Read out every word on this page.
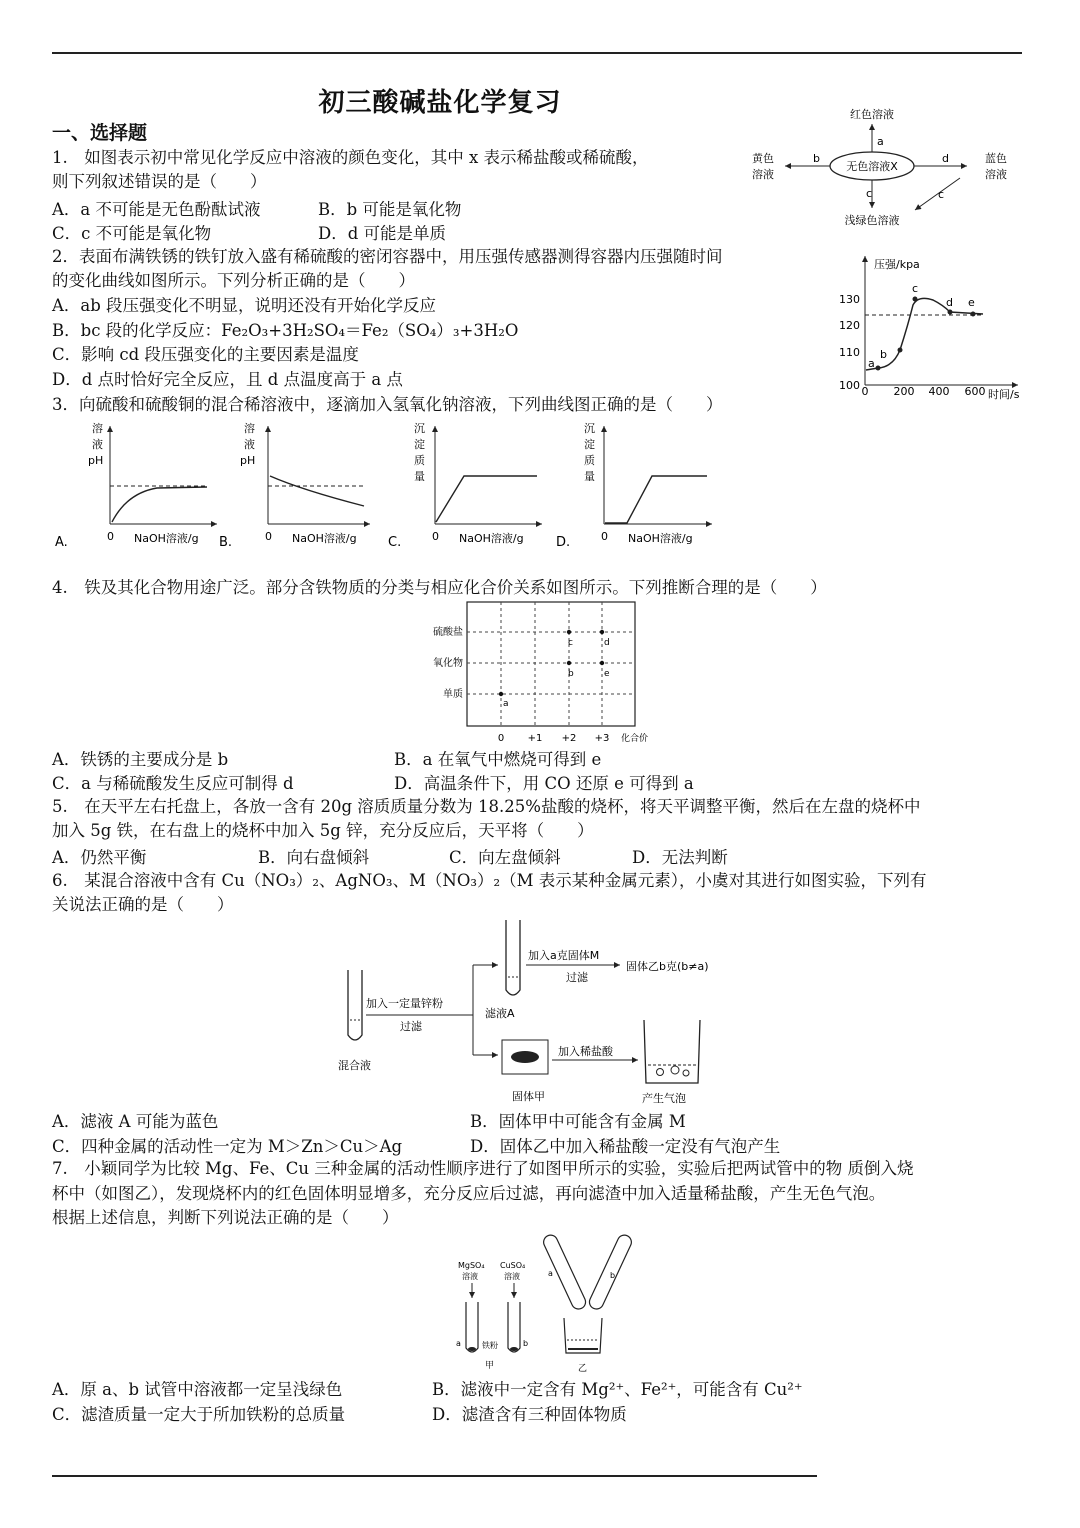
初三酸碱盐化学复习
一、选择题
1.　如图表示初中常见化学反应中溶液的颜色变化，其中 x 表示稀盐酸或稀硫酸，
则下列叙述错误的是（　　）
A．a 不可能是无色酚酞试液	B．b 可能是氧化物
C．c 不可能是氧化物	D．d 可能是单质
无色溶液X
红色溶液
a
黄色
溶液
b	蓝色
溶液
d
浅绿色溶液
c	c
2．表面布满铁锈的铁钉放入盛有稀硫酸的密闭容器中，用压强传感器测得容器内压强随时间
的变化曲线如图所示。下列分析正确的是（　　）
A．ab 段压强变化不明显，说明还没有开始化学反应
B．bc 段的化学反应：Fe₂O₃+3H₂SO₄＝Fe₂（SO₄）₃+3H₂O
C．影响 cd 段压强变化的主要因素是温度
D．d 点时恰好完全反应，且 d 点温度高于 a 点
压强/kpa
时间/s
130
120
110
100 0 200 400 600
a
b
c
d e
3．向硫酸和硫酸铜的混合稀溶液中，逐滴加入氢氧化钠溶液，下列曲线图正确的是（　　）
溶
液
pH
0 NaOH溶液/g
A.	B.
溶
液
pH
0 NaOH溶液/g C.
沉
淀
质
量
0 NaOH溶液/g D.
沉
淀
质
量
0 NaOH溶液/g
4.　铁及其化合物用途广泛。部分含铁物质的分类与相应化合价关系如图所示。下列推断合理的是（　　）
硫酸盐
氧化物
单质
0 +1 +2 +3 化合价
a
c	d
b	e
A．铁锈的主要成分是 b	B．a 在氧气中燃烧可得到 e
C．a 与稀硫酸发生反应可制得 d	D．高温条件下，用 CO 还原 e 可得到 a
5.　在天平左右托盘上，各放一含有 20g 溶质质量分数为 18.25%盐酸的烧杯，将天平调整平衡，然后在左盘的烧杯中
加入 5g 铁，在右盘上的烧杯中加入 5g 锌，充分反应后，天平将（　　）
A．仍然平衡	B．向右盘倾斜	C．向左盘倾斜	D．无法判断
6.　某混合溶液中含有 Cu（NO₃）₂、AgNO₃、M（NO₃）₂（M 表示某种金属元素），小虞对其进行如图实验，下列有
关说法正确的是（　　）
混合液
加入一定量锌粉
过滤
滤液A
加入a克固体M
过滤
固体乙b克(b≠a)
固体甲
加入稀盐酸
产生气泡
A．滤液 A 可能为蓝色	B．固体甲中可能含有金属 M
C．四种金属的活动性一定为 M＞Zn＞Cu＞Ag	D．固体乙中加入稀盐酸一定没有气泡产生
7.　小颖同学为比较 Mg、Fe、Cu 三种金属的活动性顺序进行了如图甲所示的实验，实验后把两试管中的物 质倒入烧
杯中（如图乙），发现烧杯内的红色固体明显增多，充分反应后过滤，再向滤渣中加入适量稀盐酸，产生无色气泡。
根据上述信息，判断下列说法正确的是（　　）
MgSO₄
溶液
CuSO₄
溶液
a	b
铁粉
甲
a	b
乙
A．原 a、b 试管中溶液都一定呈浅绿色	B．滤液中一定含有 Mg²⁺、Fe²⁺，可能含有 Cu²⁺
C．滤渣质量一定大于所加铁粉的总质量	D．滤渣含有三种固体物质
